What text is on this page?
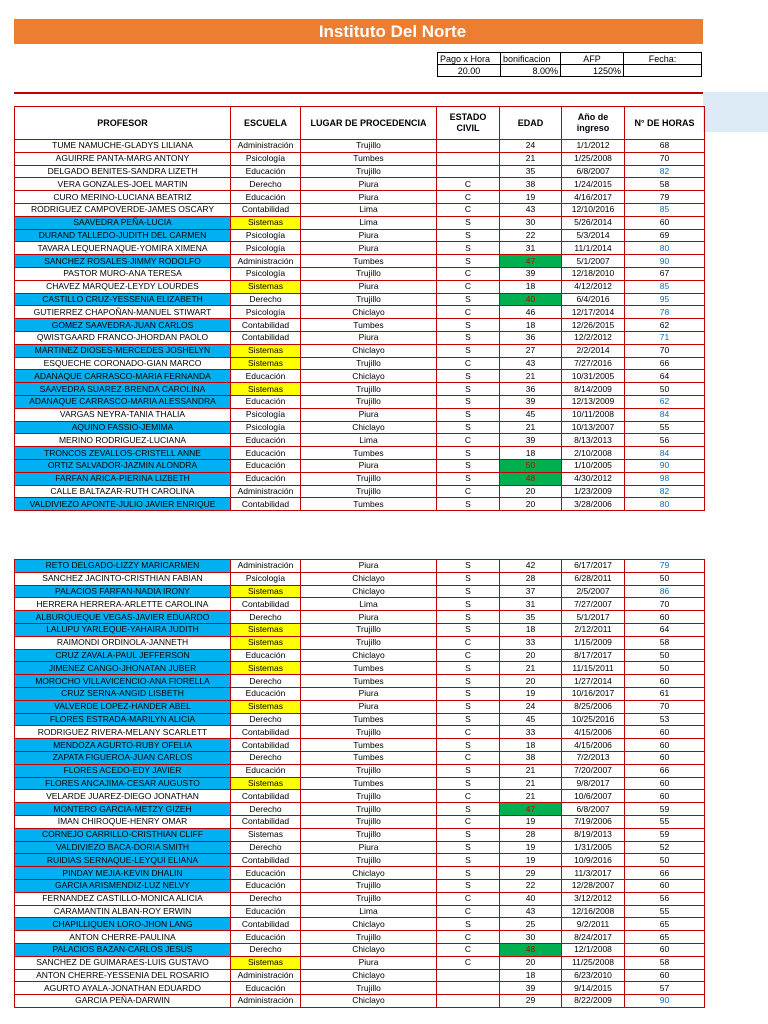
Instituto Del Norte
Pago x Hora	bonificacion	AFP	Fecha:
20.00	8.00%	1250%	
PROFESOR	ESCUELA	LUGAR DE PROCEDENCIA	ESTADO CIVIL	EDAD	Año de ingreso	N° DE HORAS
TUME NAMUCHE-GLADYS LILIANA	Administración	Trujillo		24	1/1/2012	68
AGUIRRE PANTA-MARG ANTONY	Psicología	Tumbes		21	1/25/2008	70
DELGADO BENITES-SANDRA LIZETH	Educación	Trujillo		35	6/8/2007	82
VERA GONZALES-JOEL MARTIN	Derecho	Piura	C	38	1/24/2015	58
CURO MERINO-LUCIANA BEATRIZ	Educación	Piura	C	19	4/16/2017	79
RODRIGUEZ CAMPOVERDE-JAMES OSCARY	Contabilidad	Lima	C	43	12/10/2016	85
SAAVEDRA PEÑA-LUCIA	Sistemas	Lima	S	30	5/26/2014	60
DURAND TALLEDO-JUDITH DEL CARMEN	Psicología	Piura	S	22	5/3/2014	69
TAVARA LEQUERNAQUE-YOMIRA XIMENA	Psicología	Piura	S	31	11/1/2014	80
SANCHEZ ROSALES-JIMMY RODOLFO	Administración	Tumbes	S	47	5/1/2007	90
PASTOR MURO-ANA TERESA	Psicología	Trujillo	C	39	12/18/2010	67
CHAVEZ MARQUEZ-LEYDY LOURDES	Sistemas	Piura	C	18	4/12/2012	85
CASTILLO CRUZ-YESSENIA ELIZABETH	Derecho	Trujillo	S	40	6/4/2016	95
GUTIERREZ CHAPOÑAN-MANUEL STIWART	Psicología	Chiclayo	C	46	12/17/2014	78
GOMEZ SAAVEDRA-JUAN CARLOS	Contabilidad	Tumbes	S	18	12/26/2015	62
QWISTGAARD FRANCO-JHORDAN PAOLO	Contabilidad	Piura	S	36	12/2/2012	71
MARTINEZ DIOSES-MERCEDES JOSHELYN	Sistemas	Chiclayo	S	27	2/2/2014	70
ESQUECHE CORONADO-GIAN MARCO	Sistemas	Trujillo	C	43	7/27/2016	66
ADANAQUE CARRASCO-MARIA FERNANDA	Educación	Chiclayo	S	21	10/31/2005	64
SAAVEDRA SUAREZ-BRENDA CAROLINA	Sistemas	Trujillo	S	36	8/14/2009	50
ADANAQUE CARRASCO-MARIA ALESSANDRA	Educación	Trujillo	S	39	12/13/2009	62
VARGAS NEYRA-TANIA THALIA	Psicología	Piura	S	45	10/11/2008	84
AQUINO FASSIO-JEMIMA	Psicología	Chiclayo	S	21	10/13/2007	55
MERINO RODRIGUEZ-LUCIANA	Educación	Lima	C	39	8/13/2013	56
TRONCOS ZEVALLOS-CRISTELL ANNE	Educación	Tumbes	S	18	2/10/2008	84
ORTIZ SALVADOR-JAZMIN ALONDRA	Educación	Piura	S	50	1/10/2005	90
FARFAN ARICA-PIERINA LIZBETH	Educación	Trujillo	S	48	4/30/2012	98
CALLE BALTAZAR-RUTH CAROLINA	Administración	Trujillo	C	20	1/23/2009	82
VALDIVIEZO APONTE-JULIO JAVIER ENRIQUE	Contabilidad	Tumbes	S	20	3/28/2006	80
RETO DELGADO-LIZZY MARICARMEN	Administración	Piura	S	42	6/17/2017	79
SANCHEZ JACINTO-CRISTHIAN FABIAN	Psicología	Chiclayo	S	28	6/28/2011	50
PALACIOS FARFAN-NADIA IRONY	Sistemas	Chiclayo	S	37	2/5/2007	86
HERRERA HERRERA-ARLETTE CAROLINA	Contabilidad	Lima	S	31	7/27/2007	70
ALBURQUEQUE VEGAS-JAVIER EDUARDO	Derecho	Piura	S	35	5/1/2017	60
LALUPU YARLEQUE-YAHAIRA JUDITH	Sistemas	Trujillo	S	18	2/12/2011	64
RAIMONDI ORDINOLA-JANNETH	Sistemas	Trujillo	C	33	1/15/2009	58
CRUZ ZAVALA-PAUL JEFFERSON	Educación	Chiclayo	C	20	8/17/2017	50
JIMENEZ CANGO-JHONATAN JUBER	Sistemas	Tumbes	S	21	11/15/2011	50
MOROCHO VILLAVICENCIO-ANA FIORELLA	Derecho	Tumbes	S	20	1/27/2014	60
CRUZ SERNA-ANGID LISBETH	Educación	Piura	S	19	10/16/2017	61
VALVERDE LOPEZ-HANDER ABEL	Sistemas	Piura	S	24	8/25/2006	70
FLORES ESTRADA-MARILYN ALICIA	Derecho	Tumbes	S	45	10/25/2016	53
RODRIGUEZ RIVERA-MELANY SCARLETT	Contabilidad	Trujillo	C	33	4/15/2006	60
MENDOZA AGURTO-RUBY OFELIA	Contabilidad	Tumbes	S	18	4/15/2006	60
ZAPATA FIGUEROA-JUAN CARLOS	Derecho	Tumbes	C	38	7/2/2013	60
FLORES ACEDO-EDY JAVIER	Educación	Trujillo	S	21	7/20/2007	66
FLORES ANCAJIMA-CESAR AUGUSTO	Sistemas	Tumbes	S	21	9/8/2017	60
VELARDE JUAREZ-DIEGO JONATHAN	Contabilidad	Trujillo	C	21	10/6/2007	60
MONTERO GARCIA-METZY GIZEH	Derecho	Trujillo	S	47	6/8/2007	59
IMAN CHIROQUE-HENRY OMAR	Contabilidad	Trujillo	C	19	7/19/2006	55
CORNEJO CARRILLO-CRISTHIAN CLIFF	Sistemas	Trujillo	S	28	8/19/2013	59
VALDIVIEZO BACA-DORIA SMITH	Derecho	Piura	S	19	1/31/2005	52
RUIDIAS SERNAQUE-LEYQUI ELIANA	Contabilidad	Trujillo	S	19	10/9/2016	50
PINDAY MEJIA-KEVIN DHALIN	Educación	Chiclayo	S	29	11/3/2017	66
GARCIA ARISMENDIZ-LUZ NELVY	Educación	Trujillo	S	22	12/28/2007	60
FERNANDEZ CASTILLO-MONICA ALICIA	Derecho	Trujillo	C	40	3/12/2012	56
CARAMANTIN ALBAN-ROY ERWIN	Educación	Lima	C	43	12/16/2008	55
CHAPILLIQUEN LORO-JHON LANG	Contabilidad	Chiclayo	S	25	9/2/2011	65
ANTON CHERRE-PAULINA	Educación	Trujillo	C	30	8/24/2017	65
PALACIOS BAZAN-CARLOS JESUS	Derecho	Chiclayo	C	48	12/1/2008	60
SANCHEZ DE GUIMARAES-LUIS GUSTAVO	Sistemas	Piura	C	20	11/25/2008	58
ANTON CHERRE-YESSENIA DEL ROSARIO	Administración	Chiclayo		18	6/23/2010	60
AGURTO AYALA-JONATHAN EDUARDO	Educación	Trujillo		39	9/14/2015	57
GARCIA PEÑA-DARWIN	Administración	Chiclayo		29	8/22/2009	90
